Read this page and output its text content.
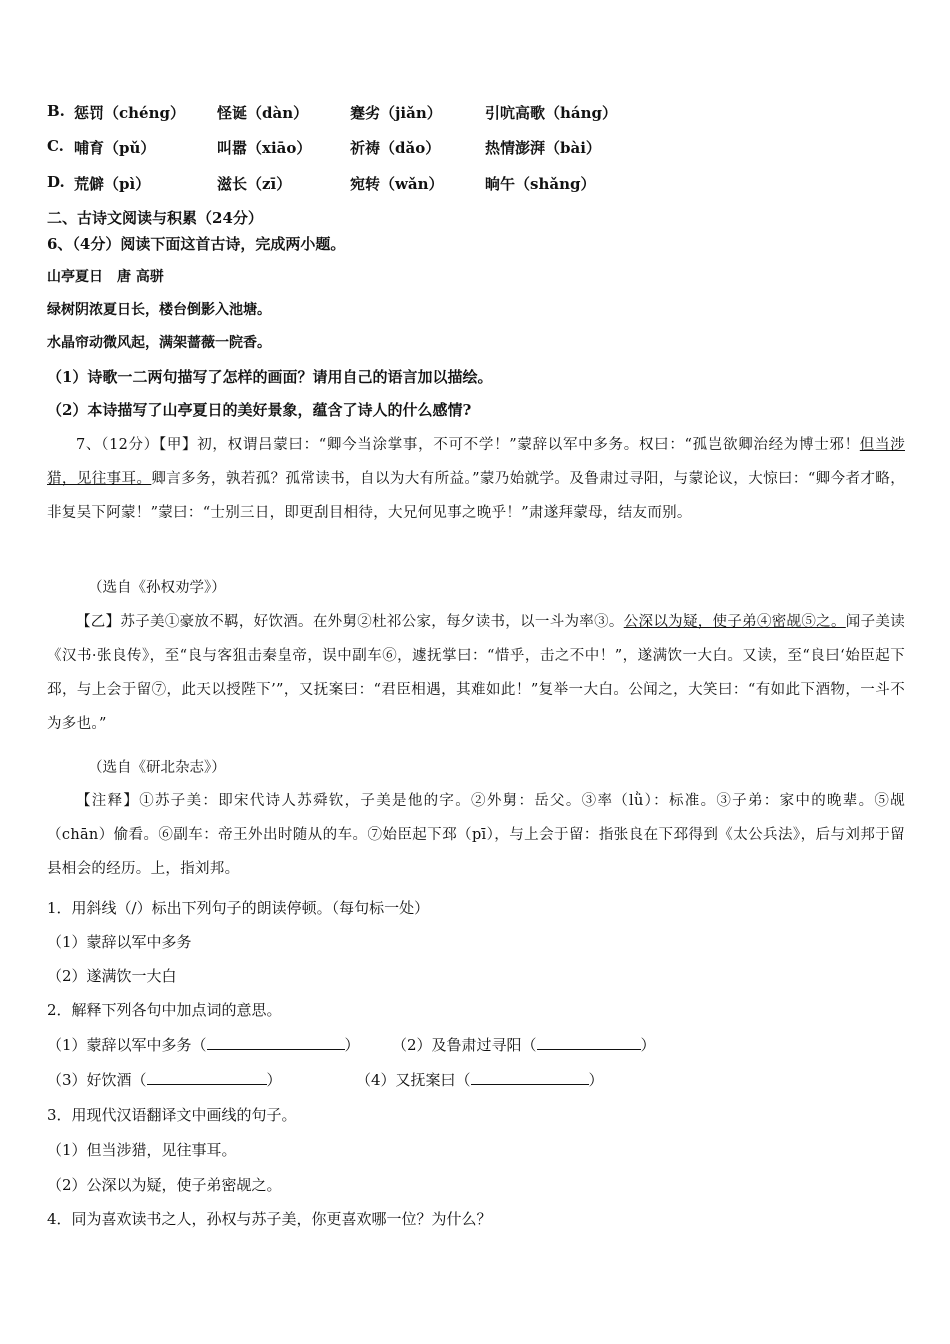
B. 惩罚（chéng） 怪诞（dàn）	蹇劣（jiǎn）	引吭高歌（háng）
C. 哺育（pǔ）	叫嚣（xiāo）	祈祷（dǎo）	热情澎湃（bài）
D. 荒僻（pì）	滋长（zī）	宛转（wǎn）	晌午（shǎng）
二、古诗文阅读与积累（24分）
6、（4分）阅读下面这首古诗，完成两小题。
山亭夏日　唐 高骈
绿树阴浓夏日长，楼台倒影入池塘。
水晶帘动微风起，满架蔷薇一院香。
（1）诗歌一二两句描写了怎样的画面？请用自己的语言加以描绘。
（2）本诗描写了山亭夏日的美好景象，蕴含了诗人的什么感情?
7、（12分）【甲】初，权谓吕蒙曰：“卿今当涂掌事，不可不学！”蒙辞以军中多务。权曰：“孤岂欲卿治经为博士邪！但当涉猎，见往事耳。卿言多务，孰若孤？孤常读书，自以为大有所益。”蒙乃始就学。及鲁肃过寻阳，与蒙论议，大惊曰：“卿今者才略，非复吴下阿蒙！”蒙曰：“士别三日，即更刮目相待，大兄何见事之晚乎！”肃遂拜蒙母，结友而别。
（选自《孙权劝学》）
【乙】苏子美①豪放不羁，好饮酒。在外舅②杜祁公家，每夕读书，以一斗为率③。公深以为疑，使子弟④密觇⑤之。闻子美读《汉书·张良传》，至“良与客狙击秦皇帝，误中副车⑥，遽抚掌曰：“惜乎，击之不中！”，遂满饮一大白。又读，至“良曰‘始臣起下邳，与上会于留⑦，此天以授陛下’”，又抚案曰：“君臣相遇，其难如此！”复举一大白。公闻之，大笑曰：“有如此下酒物，一斗不为多也。”
（选自《研北杂志》）
【注释】①苏子美：即宋代诗人苏舜钦，子美是他的字。②外舅：岳父。③率（lǜ）：标准。③子弟：家中的晚辈。⑤觇（chān）偷看。⑥副车：帝王外出时随从的车。⑦始臣起下邳（pī），与上会于留：指张良在下邳得到《太公兵法》，后与刘邦于留县相会的经历。上，指刘邦。
1．用斜线（/）标出下列句子的朗读停顿。（每句标一处）
（1）蒙辞以军中多务
（2）遂满饮一大白
2．解释下列各句中加点词的意思。
（1）蒙辞以军中多务（	） （2）及鲁肃过寻阳（	）
（3）好饮酒（	）	（4）又抚案曰（	）
3．用现代汉语翻译文中画线的句子。
（1）但当涉猎，见往事耳。
（2）公深以为疑，使子弟密觇之。
4．同为喜欢读书之人，孙权与苏子美，你更喜欢哪一位？为什么？
